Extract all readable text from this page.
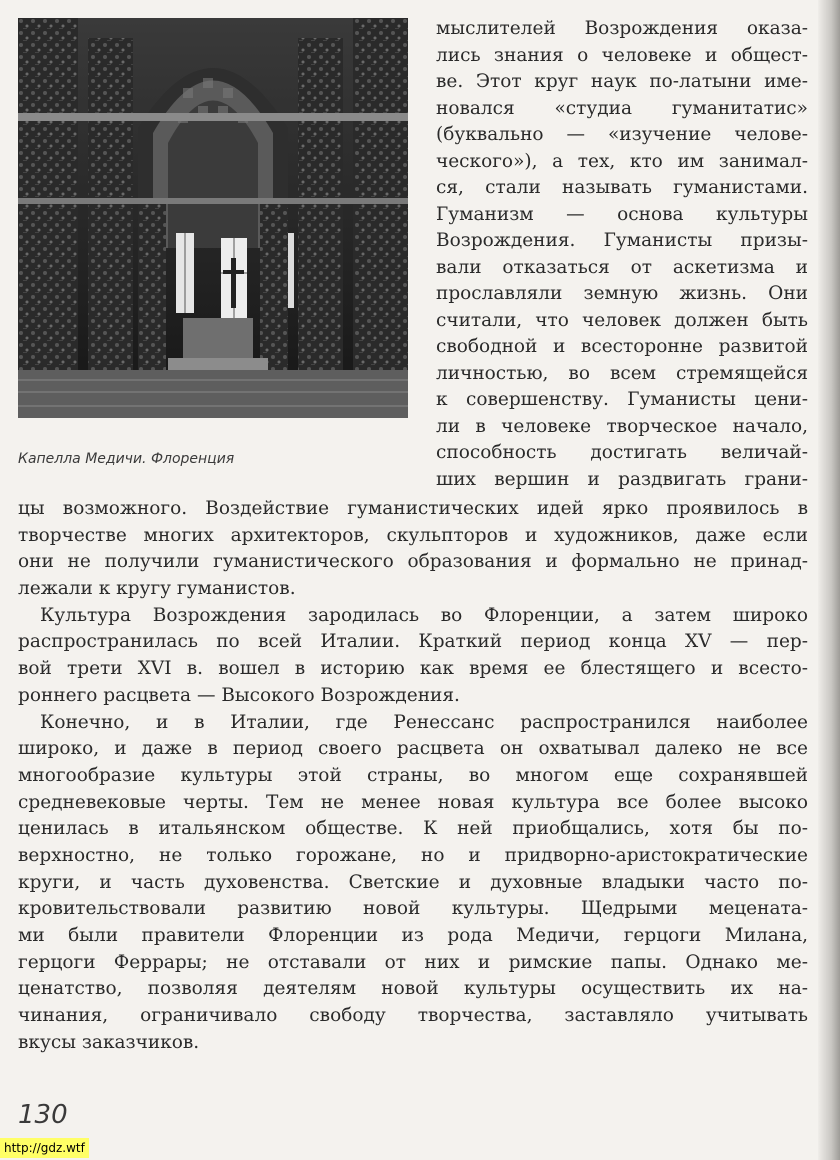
Капелла Медичи. Флоренция
мыслителей Возрождения оказа-
лись знания о человеке и общест-
ве. Этот круг наук по-латыни име-
новался «студиа гуманитатис»
(буквально — «изучение челове-
ческого»), а тех, кто им занимал-
ся, стали называть гуманистами.
Гуманизм — основа культуры
Возрождения. Гуманисты призы-
вали отказаться от аскетизма и
прославляли земную жизнь. Они
считали, что человек должен быть
свободной и всесторонне развитой
личностью, во всем стремящейся
к совершенству. Гуманисты цени-
ли в человеке творческое начало,
способность достигать величай-
ших вершин и раздвигать грани-
цы возможного. Воздействие гуманистических идей ярко проявилось в
творчестве многих архитекторов, скульпторов и художников, даже если
они не получили гуманистического образования и формально не принад-
лежали к кругу гуманистов.
Культура Возрождения зародилась во Флоренции, а затем широко
распространилась по всей Италии. Краткий период конца XV — пер-
вой трети XVI в. вошел в историю как время ее блестящего и всесто-
роннего расцвета — Высокого Возрождения.
Конечно, и в Италии, где Ренессанс распространился наиболее
широко, и даже в период своего расцвета он охватывал далеко не все
многообразие культуры этой страны, во многом еще сохранявшей
средневековые черты. Тем не менее новая культура все более высоко
ценилась в итальянском обществе. К ней приобщались, хотя бы по-
верхностно, не только горожане, но и придворно-аристократические
круги, и часть духовенства. Светские и духовные владыки часто по-
кровительствовали развитию новой культуры. Щедрыми мецената-
ми были правители Флоренции из рода Медичи, герцоги Милана,
герцоги Феррары; не отставали от них и римские папы. Однако ме-
ценатство, позволяя деятелям новой культуры осуществить их на-
чинания, ограничивало свободу творчества, заставляло учитывать
вкусы заказчиков.
130
http://gdz.wtf
